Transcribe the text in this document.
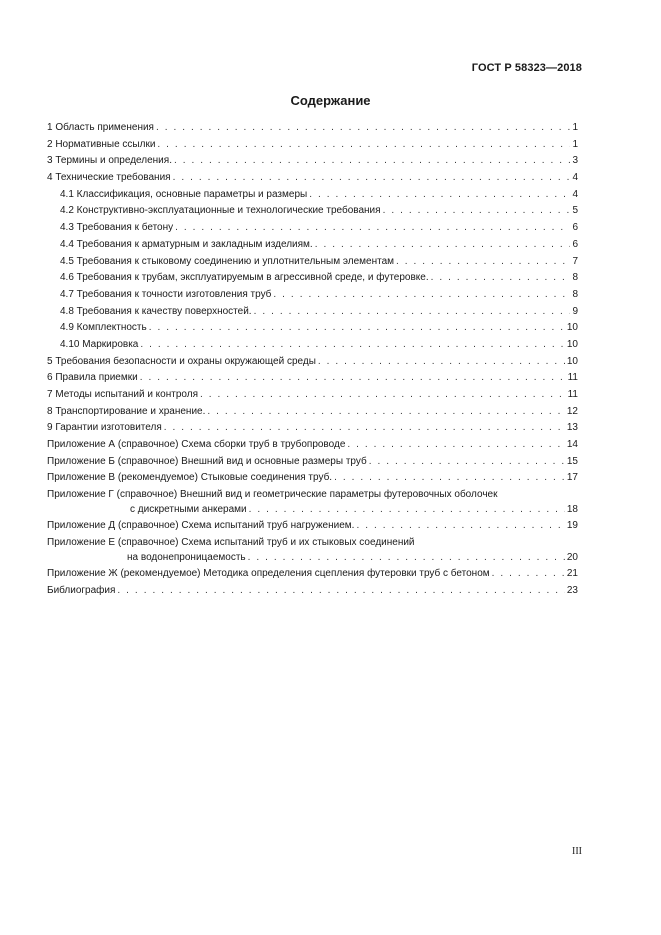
ГОСТ Р 58323—2018
Содержание
1 Область применения . . .	1
2 Нормативные ссылки . . .	1
3 Термины и определения. . . .	3
4 Технические требования . . .	4
4.1 Классификация, основные параметры и размеры . . .	4
4.2 Конструктивно-эксплуатационные и технологические требования . . .	5
4.3 Требования к бетону . . .	6
4.4 Требования к арматурным и закладным изделиям. . . .	6
4.5 Требования к стыковому соединению и уплотнительным элементам . . .	7
4.6 Требования к трубам, эксплуатируемым в агрессивной среде, и футеровке. . . .	8
4.7 Требования к точности изготовления труб . . .	8
4.8 Требования к качеству поверхностей. . . .	9
4.9 Комплектность . . .	10
4.10 Маркировка . . .	10
5 Требования безопасности и охраны окружающей среды . . .	10
6 Правила приемки . . .	11
7 Методы испытаний и контроля . . .	11
8 Транспортирование и хранение. . . .	12
9 Гарантии изготовителя . . .	13
Приложение А (справочное) Схема сборки труб в трубопроводе . . .	14
Приложение Б (справочное) Внешний вид и основные размеры труб . . .	15
Приложение В (рекомендуемое) Стыковые соединения труб. . . .	17
Приложение Г (справочное) Внешний вид и геометрические параметры футеровочных оболочек
с дискретными анкерами . . .	18
Приложение Д (справочное) Схема испытаний труб нагружением. . . .	19
Приложение Е (справочное) Схема испытаний труб и их стыковых соединений
на водонепроницаемость . . .	20
Приложение Ж (рекомендуемое) Методика определения сцепления футеровки труб с бетоном . . .	21
Библиография . . .	23
III
